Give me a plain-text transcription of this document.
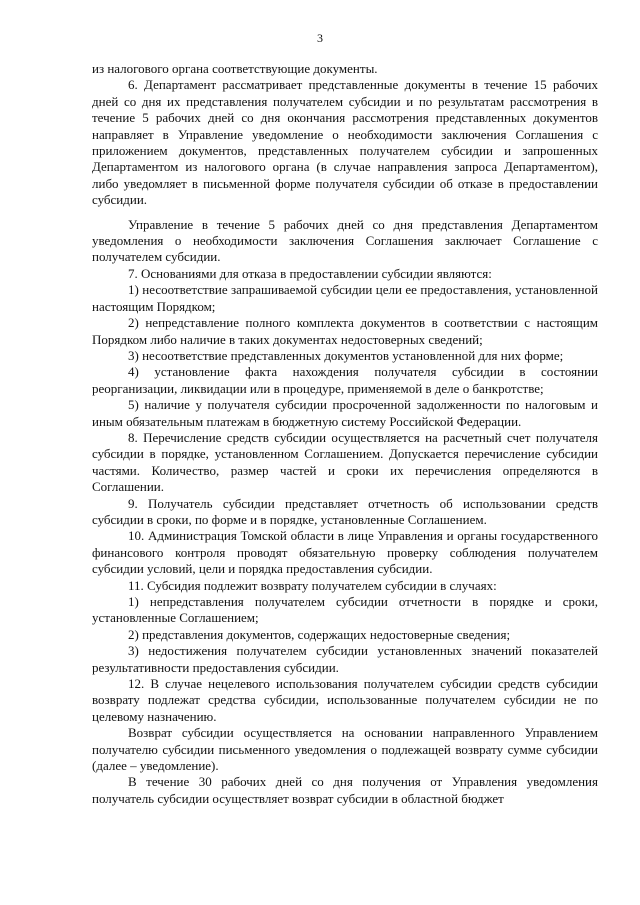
3

из налогового органа соответствующие документы.

6. Департамент рассматривает представленные документы в течение 15 рабочих дней со дня их представления получателем субсидии и по результатам рассмотрения в течение 5 рабочих дней со дня окончания рассмотрения представленных документов направляет в Управление уведомление о необходимости заключения Соглашения с приложением документов, представленных получателем субсидии и запрошенных Департаментом из налогового органа (в случае направления запроса Департаментом), либо уведомляет в письменной форме получателя субсидии об отказе в предоставлении субсидии.

Управление в течение 5 рабочих дней со дня представления Департаментом уведомления о необходимости заключения Соглашения заключает Соглашение с получателем субсидии.

7. Основаниями для отказа в предоставлении субсидии являются:

1) несоответствие запрашиваемой субсидии цели ее предоставления, установленной настоящим Порядком;

2) непредставление полного комплекта документов в соответствии с настоящим Порядком либо наличие в таких документах недостоверных сведений;

3) несоответствие представленных документов установленной для них форме;

4) установление факта нахождения получателя субсидии в состоянии реорганизации, ликвидации или в процедуре, применяемой в деле о банкротстве;

5) наличие у получателя субсидии просроченной задолженности по налоговым и иным обязательным платежам в бюджетную систему Российской Федерации.

8. Перечисление средств субсидии осуществляется на расчетный счет получателя субсидии в порядке, установленном Соглашением. Допускается перечисление субсидии частями. Количество, размер частей и сроки их перечисления определяются в Соглашении.

9. Получатель субсидии представляет отчетность об использовании средств субсидии в сроки, по форме и в порядке, установленные Соглашением.

10. Администрация Томской области в лице Управления и органы государственного финансового контроля проводят обязательную проверку соблюдения получателем субсидии условий, цели и порядка предоставления субсидии.

11. Субсидия подлежит возврату получателем субсидии в случаях:

1) непредставления получателем субсидии отчетности в порядке и сроки, установленные Соглашением;

2) представления документов, содержащих недостоверные сведения;

3) недостижения получателем субсидии установленных значений показателей результативности предоставления субсидии.

12. В случае нецелевого использования получателем субсидии средств субсидии возврату подлежат средства субсидии, использованные получателем субсидии не по целевому назначению.

Возврат субсидии осуществляется на основании направленного Управлением получателю субсидии письменного уведомления о подлежащей возврату сумме субсидии (далее – уведомление).

В течение 30 рабочих дней со дня получения от Управления уведомления получатель субсидии осуществляет возврат субсидии в областной бюджет
